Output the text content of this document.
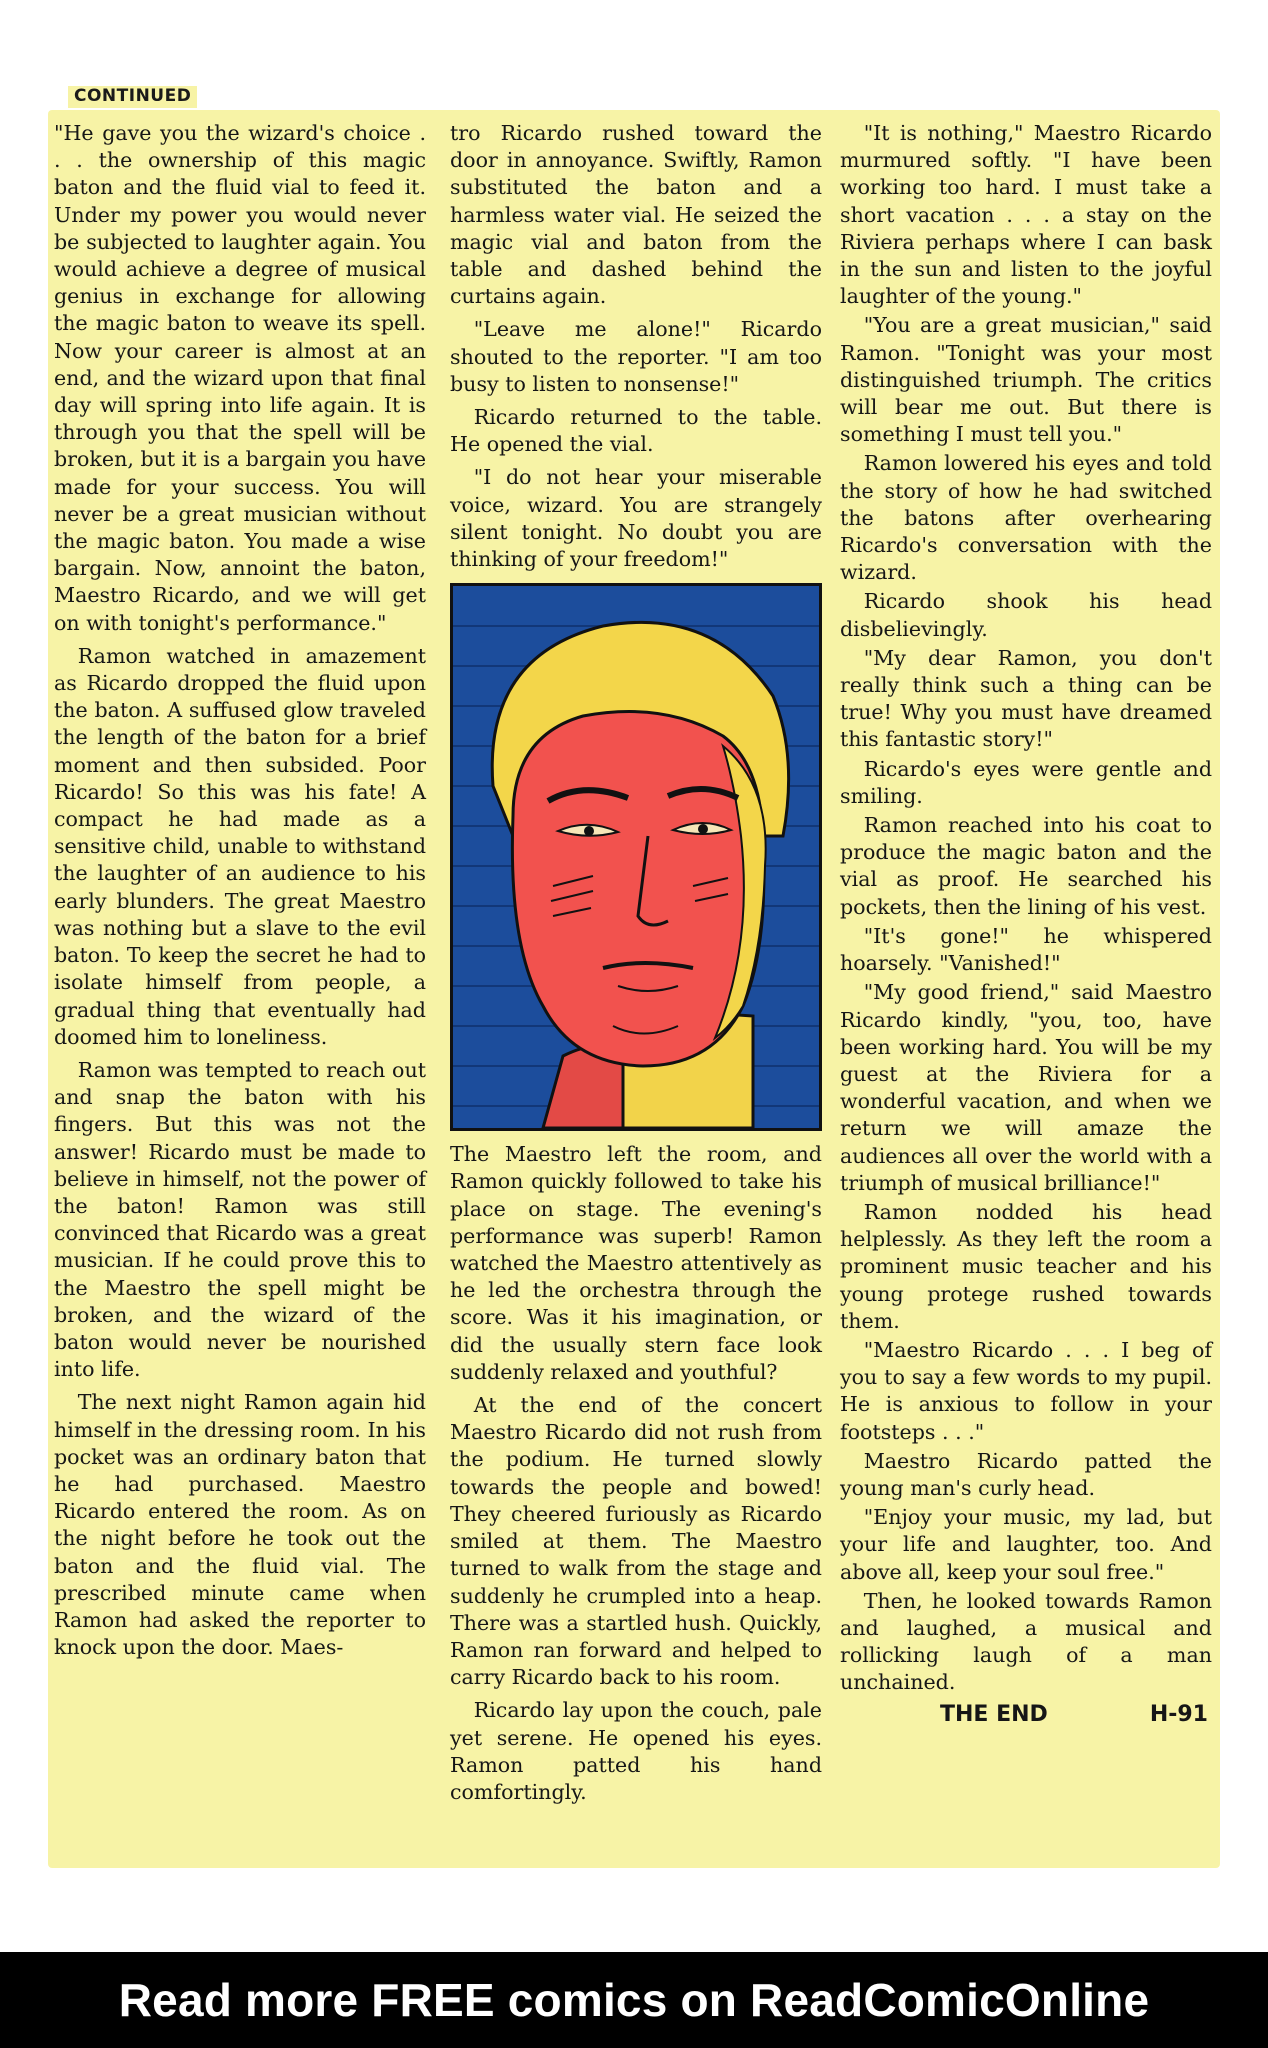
CONTINUED

"He gave you the wizard's choice . . . the ownership of this magic baton and the fluid vial to feed it. Under my power you would never be subjected to laughter again. You would achieve a degree of musical genius in exchange for allowing the magic baton to weave its spell. Now your career is almost at an end, and the wizard upon that final day will spring into life again. It is through you that the spell will be broken, but it is a bargain you have made for your success. You will never be a great musician without the magic baton. You made a wise bargain. Now, annoint the baton, Maestro Ricardo, and we will get on with tonight's performance."

Ramon watched in amazement as Ricardo dropped the fluid upon the baton. A suffused glow traveled the length of the baton for a brief moment and then subsided. Poor Ricardo! So this was his fate! A compact he had made as a sensitive child, unable to withstand the laughter of an audience to his early blunders. The great Maestro was nothing but a slave to the evil baton. To keep the secret he had to isolate himself from people, a gradual thing that eventually had doomed him to loneliness.

Ramon was tempted to reach out and snap the baton with his fingers. But this was not the answer! Ricardo must be made to believe in himself, not the power of the baton! Ramon was still convinced that Ricardo was a great musician. If he could prove this to the Maestro the spell might be broken, and the wizard of the baton would never be nourished into life.

The next night Ramon again hid himself in the dressing room. In his pocket was an ordinary baton that he had purchased. Maestro Ricardo entered the room. As on the night before he took out the baton and the fluid vial. The prescribed minute came when Ramon had asked the reporter to knock upon the door. Maes-

tro Ricardo rushed toward the door in annoyance. Swiftly, Ramon substituted the baton and a harmless water vial. He seized the magic vial and baton from the table and dashed behind the curtains again.

"Leave me alone!" Ricardo shouted to the reporter. "I am too busy to listen to nonsense!"

Ricardo returned to the table. He opened the vial.

"I do not hear your miserable voice, wizard. You are strangely silent tonight. No doubt you are thinking of your freedom!"

The Maestro left the room, and Ramon quickly followed to take his place on stage. The evening's performance was superb! Ramon watched the Maestro attentively as he led the orchestra through the score. Was it his imagination, or did the usually stern face look suddenly relaxed and youthful?

At the end of the concert Maestro Ricardo did not rush from the podium. He turned slowly towards the people and bowed! They cheered furiously as Ricardo smiled at them. The Maestro turned to walk from the stage and suddenly he crumpled into a heap. There was a startled hush. Quickly, Ramon ran forward and helped to carry Ricardo back to his room.

Ricardo lay upon the couch, pale yet serene. He opened his eyes. Ramon patted his hand comfortingly.

"It is nothing," Maestro Ricardo murmured softly. "I have been working too hard. I must take a short vacation . . . a stay on the Riviera perhaps where I can bask in the sun and listen to the joyful laughter of the young."

"You are a great musician," said Ramon. "Tonight was your most distinguished triumph. The critics will bear me out. But there is something I must tell you."

Ramon lowered his eyes and told the story of how he had switched the batons after overhearing Ricardo's conversation with the wizard.

Ricardo shook his head disbelievingly.

"My dear Ramon, you don't really think such a thing can be true! Why you must have dreamed this fantastic story!"

Ricardo's eyes were gentle and smiling.

Ramon reached into his coat to produce the magic baton and the vial as proof. He searched his pockets, then the lining of his vest.

"It's gone!" he whispered hoarsely. "Vanished!"

"My good friend," said Maestro Ricardo kindly, "you, too, have been working hard. You will be my guest at the Riviera for a wonderful vacation, and when we return we will amaze the audiences all over the world with a triumph of musical brilliance!"

Ramon nodded his head helplessly. As they left the room a prominent music teacher and his young protege rushed towards them.

"Maestro Ricardo . . . I beg of you to say a few words to my pupil. He is anxious to follow in your footsteps . . ."

Maestro Ricardo patted the young man's curly head.

"Enjoy your music, my lad, but your life and laughter, too. And above all, keep your soul free."

Then, he looked towards Ramon and laughed, a musical and rollicking laugh of a man unchained.

THE END	H-91
Read more FREE comics on ReadComicOnline
